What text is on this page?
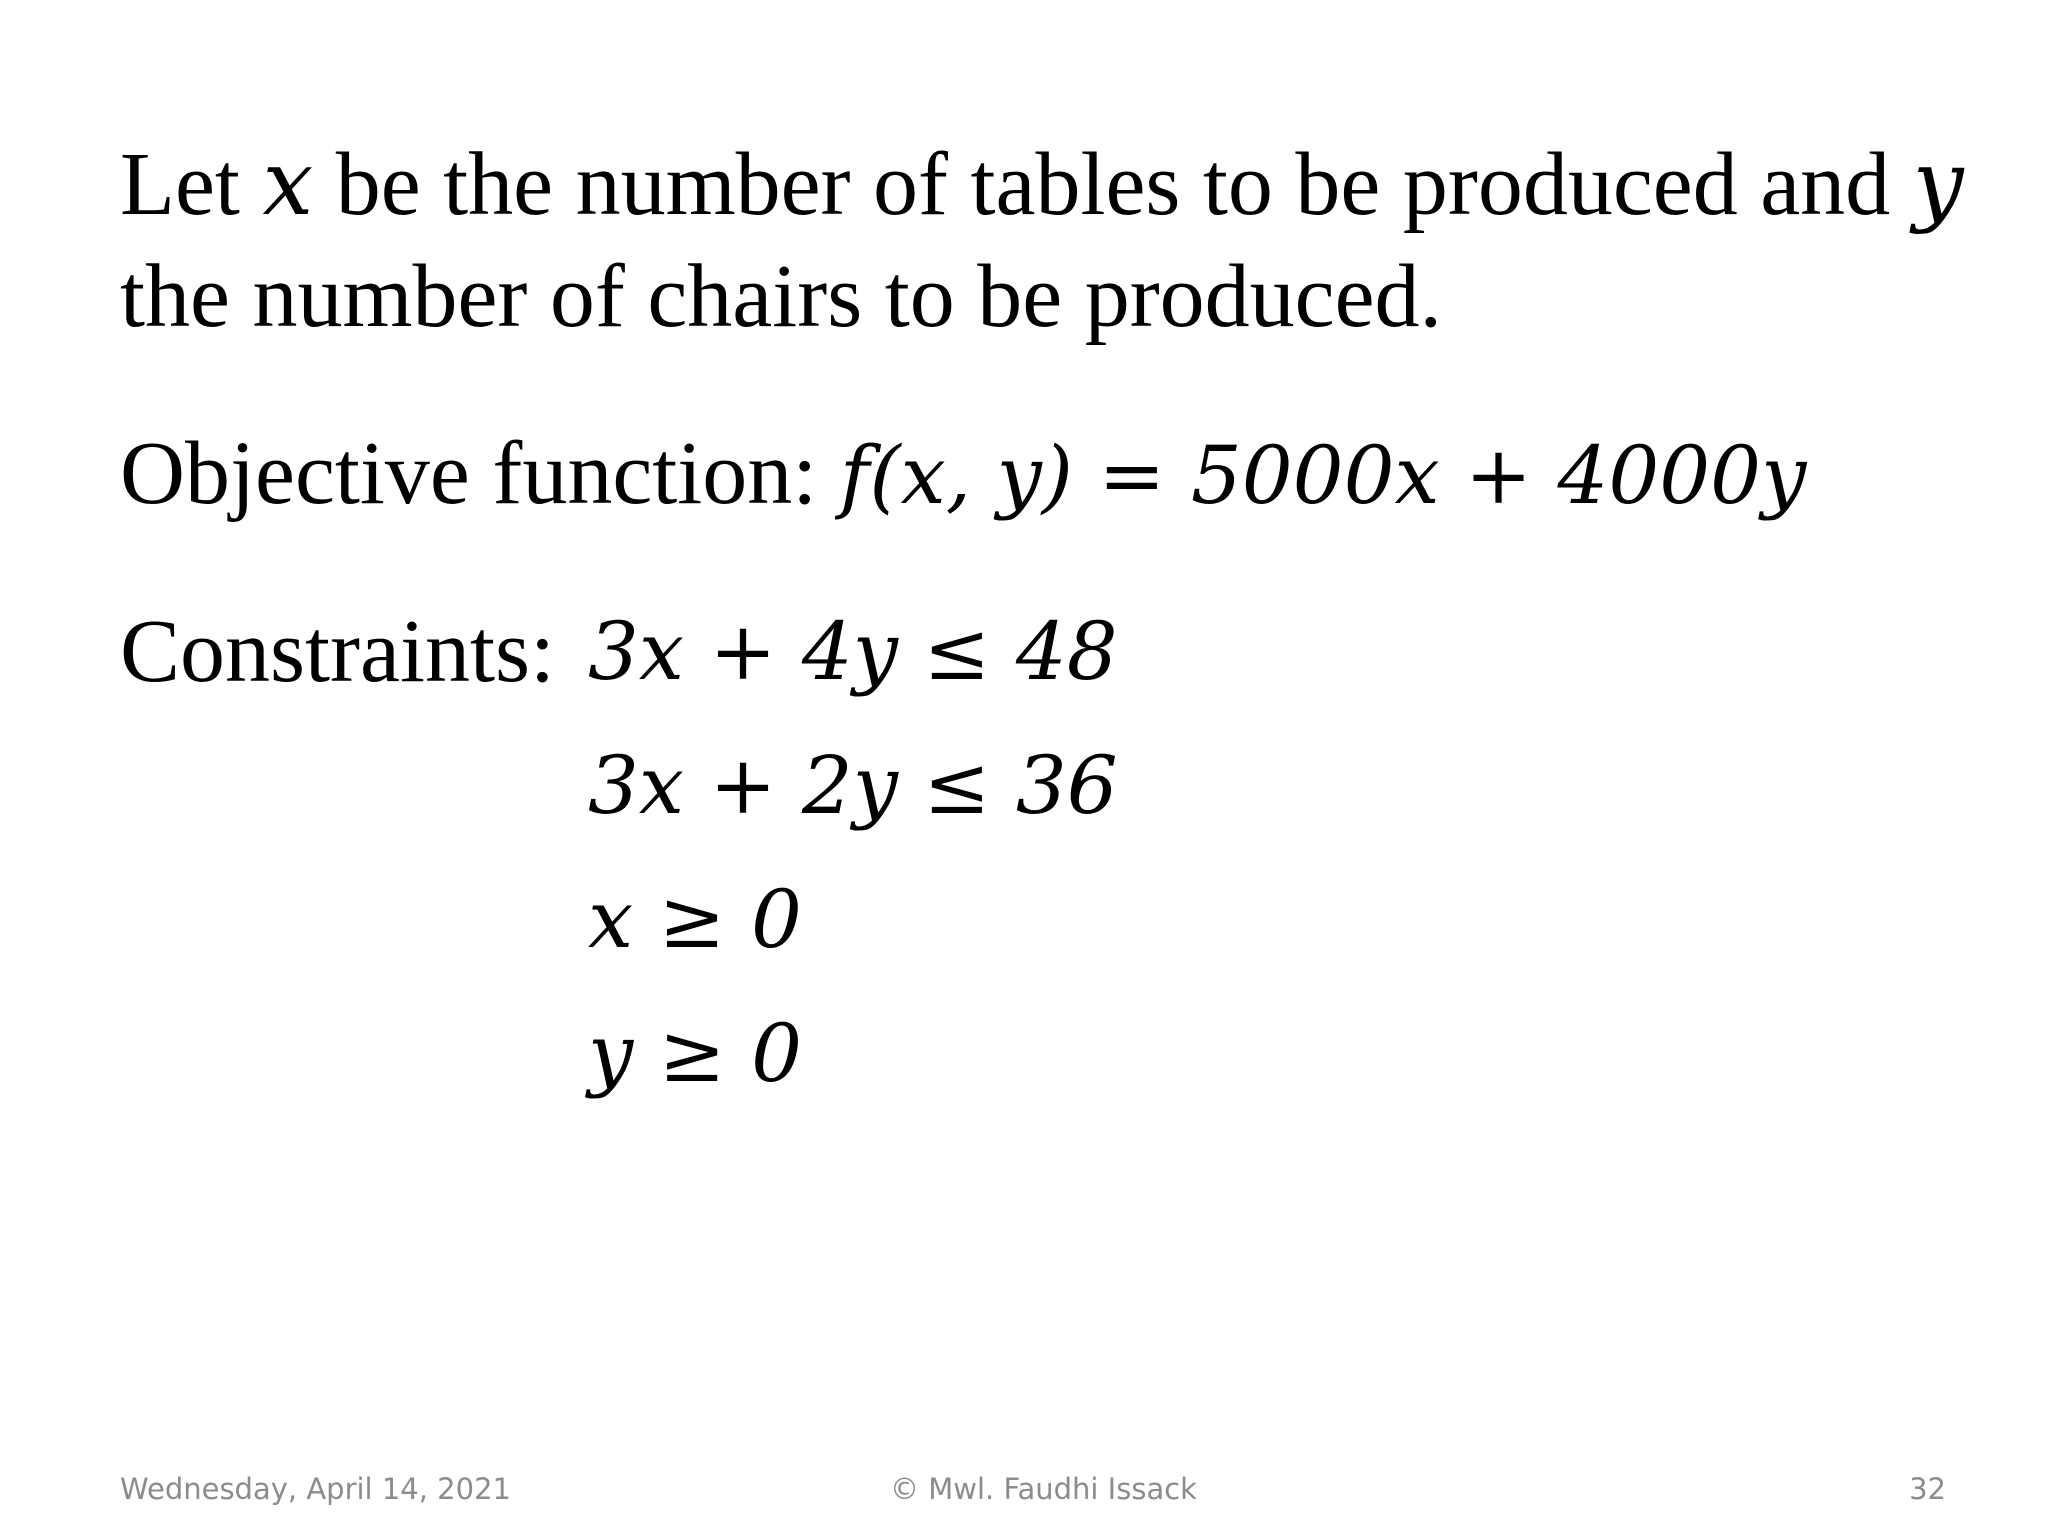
Let x be the number of tables to be produced and y the number of chairs to be produced.

Objective function: f(x, y) = 5000x + 4000y
Constraints: 3x + 4y ≤ 48
3x + 2y ≤ 36
x ≥ 0
y ≥ 0
Wednesday, April 14, 2021	© Mwl. Faudhi Issack	32
